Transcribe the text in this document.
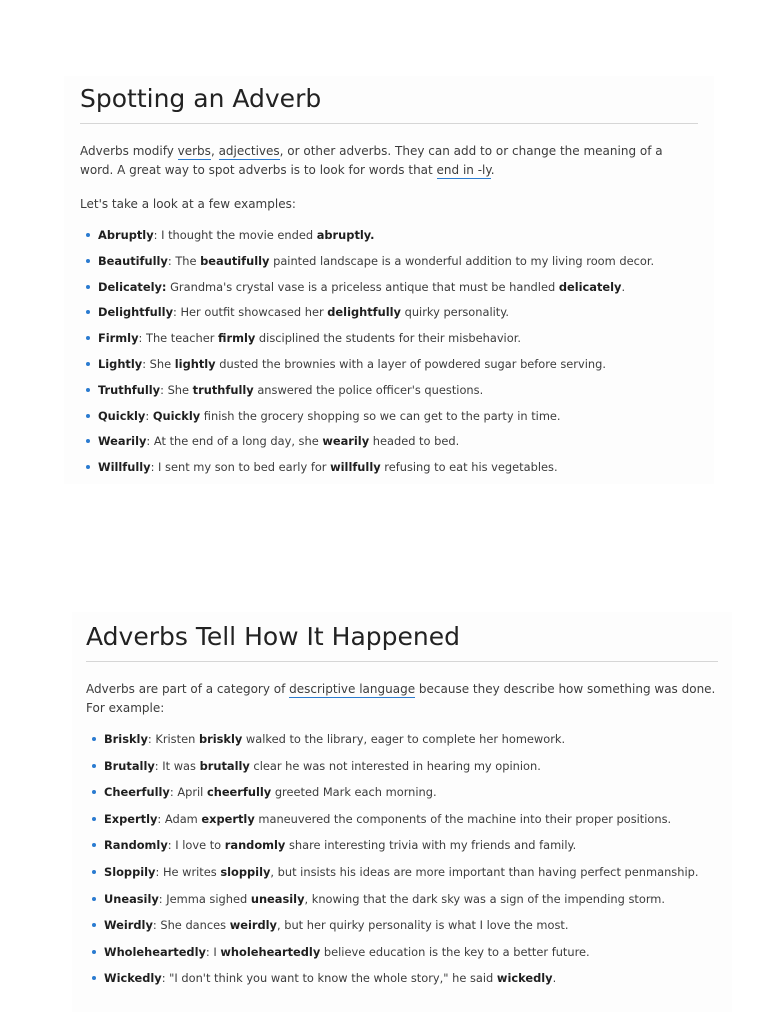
Spotting an Adverb

Adverbs modify verbs, adjectives, or other adverbs. They can add to or change the meaning of a word. A great way to spot adverbs is to look for words that end in -ly.

Let's take a look at a few examples:

Abruptly: I thought the movie ended abruptly.
Beautifully: The beautifully painted landscape is a wonderful addition to my living room decor.
Delicately: Grandma's crystal vase is a priceless antique that must be handled delicately.
Delightfully: Her outfit showcased her delightfully quirky personality.
Firmly: The teacher firmly disciplined the students for their misbehavior.
Lightly: She lightly dusted the brownies with a layer of powdered sugar before serving.
Truthfully: She truthfully answered the police officer's questions.
Quickly: Quickly finish the grocery shopping so we can get to the party in time.
Wearily: At the end of a long day, she wearily headed to bed.
Willfully: I sent my son to bed early for willfully refusing to eat his vegetables.
Adverbs Tell How It Happened

Adverbs are part of a category of descriptive language because they describe how something was done. For example:

Briskly: Kristen briskly walked to the library, eager to complete her homework.
Brutally: It was brutally clear he was not interested in hearing my opinion.
Cheerfully: April cheerfully greeted Mark each morning.
Expertly: Adam expertly maneuvered the components of the machine into their proper positions.
Randomly: I love to randomly share interesting trivia with my friends and family.
Sloppily: He writes sloppily, but insists his ideas are more important than having perfect penmanship.
Uneasily: Jemma sighed uneasily, knowing that the dark sky was a sign of the impending storm.
Weirdly: She dances weirdly, but her quirky personality is what I love the most.
Wholeheartedly: I wholeheartedly believe education is the key to a better future.
Wickedly: "I don't think you want to know the whole story," he said wickedly.
